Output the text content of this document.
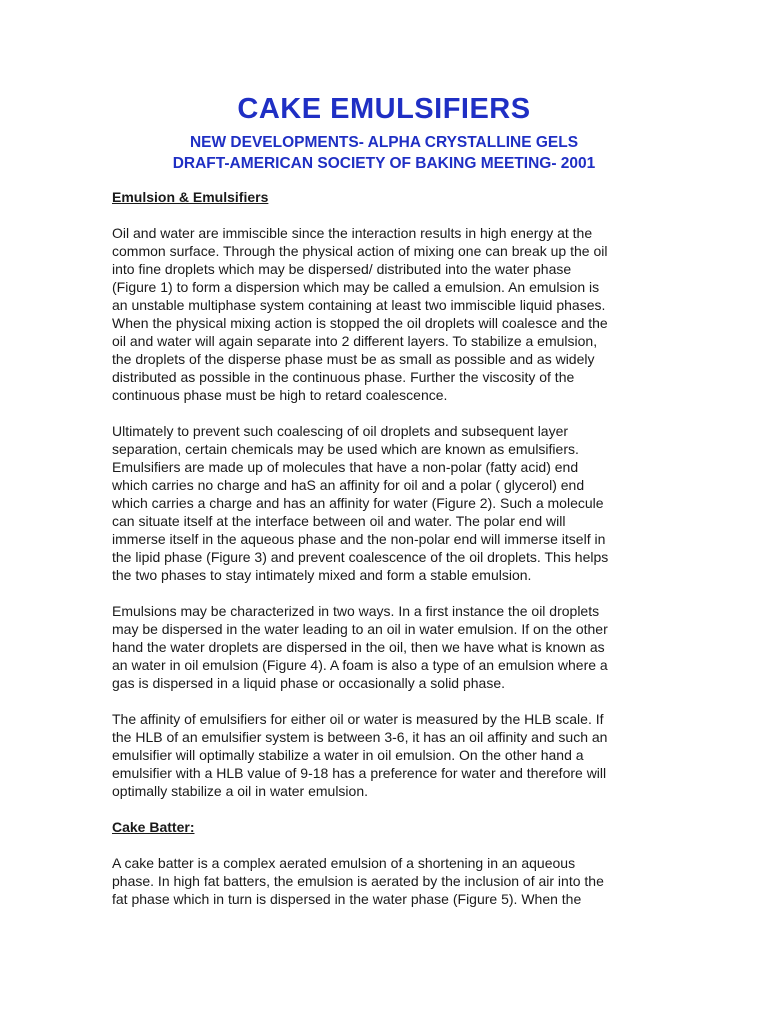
CAKE EMULSIFIERS

NEW DEVELOPMENTS- ALPHA CRYSTALLINE GELS

DRAFT-AMERICAN SOCIETY OF BAKING MEETING- 2001

Emulsion & Emulsifiers

Oil and water are immiscible since the interaction results in high energy at the
common surface. Through the physical action of mixing one can break up the oil
into fine droplets which may be dispersed/ distributed into the water phase
(Figure 1) to form a dispersion which may be called a emulsion. An emulsion is
an unstable multiphase system containing at least two immiscible liquid phases.
When the physical mixing action is stopped the oil droplets will coalesce and the
oil and water will again separate into 2 different layers. To stabilize a emulsion,
the droplets of the disperse phase must be as small as possible and as widely
distributed as possible in the continuous phase. Further the viscosity of the
continuous phase must be high to retard coalescence.

Ultimately to prevent such coalescing of oil droplets and subsequent layer
separation, certain chemicals may be used which are known as emulsifiers.
Emulsifiers are made up of molecules that have a non-polar (fatty acid) end
which carries no charge and haS an affinity for oil and a polar ( glycerol) end
which carries a charge and has an affinity for water (Figure 2). Such a molecule
can situate itself at the interface between oil and water. The polar end will
immerse itself in the aqueous phase and the non-polar end will immerse itself in
the lipid phase (Figure 3) and prevent coalescence of the oil droplets. This helps
the two phases to stay intimately mixed and form a stable emulsion.

Emulsions may be characterized in two ways. In a first instance the oil droplets
may be dispersed in the water leading to an oil in water emulsion. If on the other
hand the water droplets are dispersed in the oil, then we have what is known as
an water in oil emulsion (Figure 4). A foam is also a type of an emulsion where a
gas is dispersed in a liquid phase or occasionally a solid phase.

The affinity of emulsifiers for either oil or water is measured by the HLB scale. If
the HLB of an emulsifier system is between 3-6, it has an oil affinity and such an
emulsifier will optimally stabilize a water in oil emulsion. On the other hand a
emulsifier with a HLB value of 9-18 has a preference for water and therefore will
optimally stabilize a oil in water emulsion.

Cake Batter:

A cake batter is a complex aerated emulsion of a shortening in an aqueous
phase. In high fat batters, the emulsion is aerated by the inclusion of air into the
fat phase which in turn is dispersed in the water phase (Figure 5). When the
